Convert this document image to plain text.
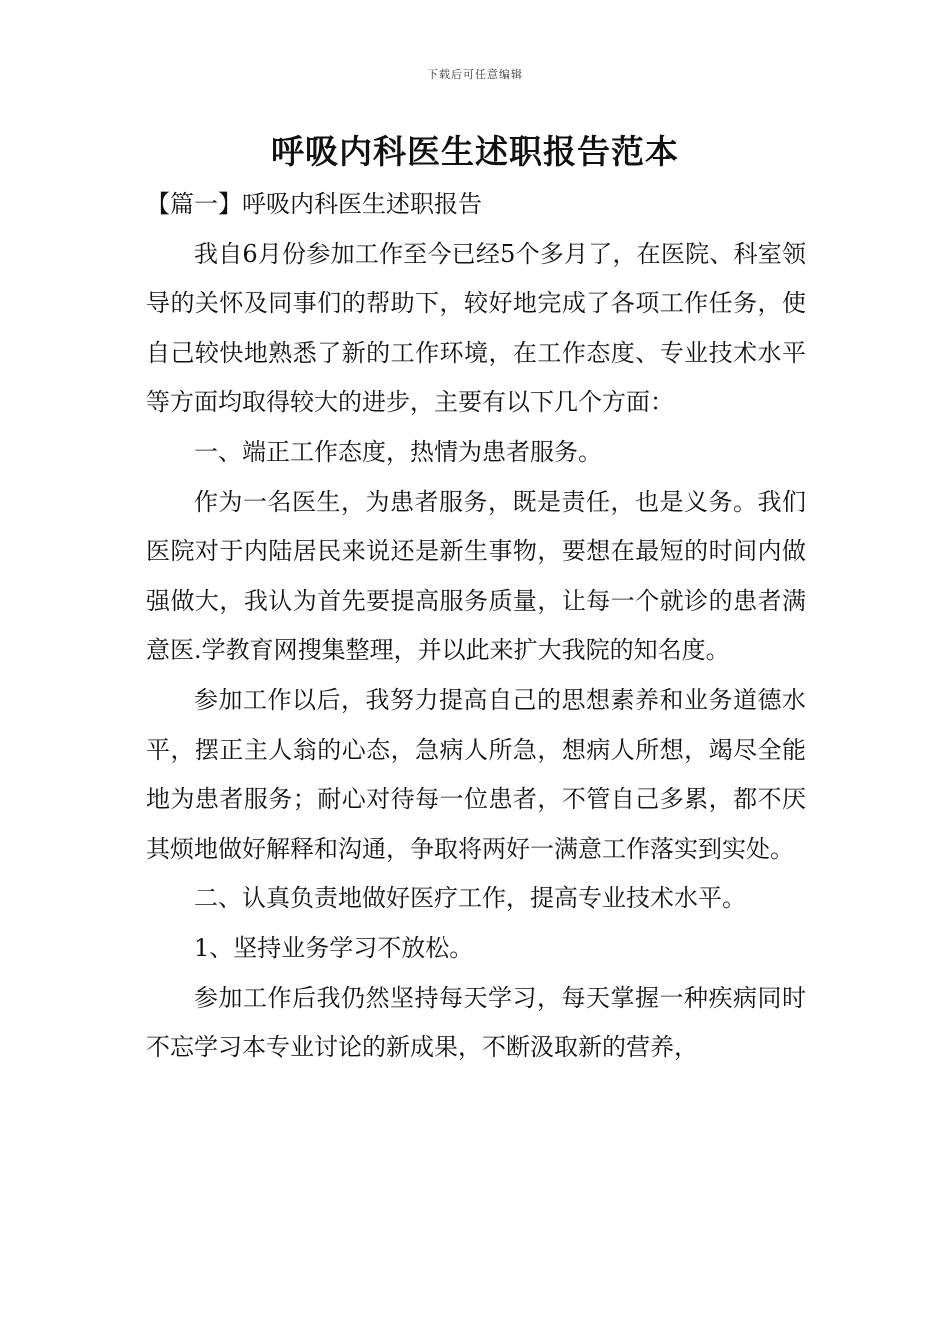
下载后可任意编辑
呼吸内科医生述职报告范本

【篇一】呼吸内科医生述职报告

我自6月份参加工作至今已经5个多月了，在医院、科室领导的关怀及同事们的帮助下，较好地完成了各项工作任务，使自己较快地熟悉了新的工作环境，在工作态度、专业技术水平等方面均取得较大的进步，主要有以下几个方面：

一、端正工作态度，热情为患者服务。

作为一名医生，为患者服务，既是责任，也是义务。我们医院对于内陆居民来说还是新生事物，要想在最短的时间内做强做大，我认为首先要提高服务质量，让每一个就诊的患者满意医.学教育网搜集整理，并以此来扩大我院的知名度。

参加工作以后，我努力提高自己的思想素养和业务道德水平，摆正主人翁的心态，急病人所急，想病人所想，竭尽全能地为患者服务；耐心对待每一位患者，不管自己多累，都不厌其烦地做好解释和沟通，争取将两好一满意工作落实到实处。

二、认真负责地做好医疗工作，提高专业技术水平。

1、坚持业务学习不放松。

参加工作后我仍然坚持每天学习，每天掌握一种疾病同时不忘学习本专业讨论的新成果，不断汲取新的营养，
